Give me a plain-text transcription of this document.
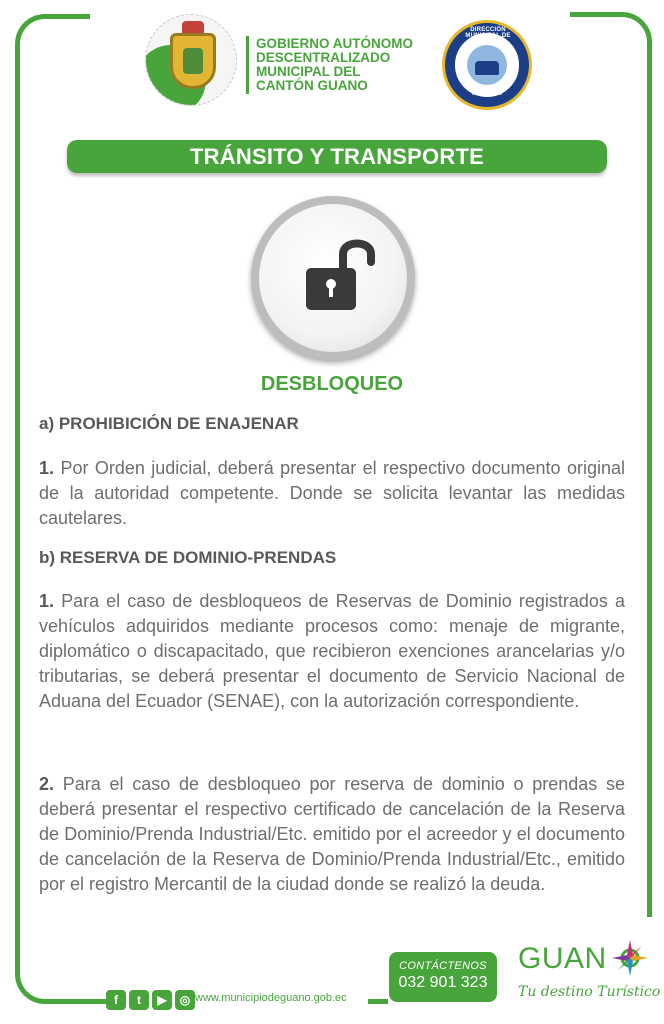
GOBIERNO AUTÓNOMO
DESCENTRALIZADO
MUNICIPAL DEL
CANTÓN GUANO
DIRECCIÓN MUNICIPAL DE TRÁNSITO
GAD GUANO
TRÁNSITO Y TRANSPORTE
DESBLOQUEO
a) PROHIBICIÓN DE ENAJENAR

1. Por Orden judicial, deberá presentar el respectivo documento original de la autoridad competente. Donde se solicita levantar las medidas cautelares.

b) RESERVA DE DOMINIO-PRENDAS

1. Para el caso de desbloqueos de Reservas de Dominio registrados a vehículos adquiridos mediante procesos como: menaje de migrante, diplomático o discapacitado, que recibieron exenciones arancelarias y/o tributarias, se deberá presentar el documento de Servicio Nacional de Aduana del Ecuador (SENAE), con la autorización correspondiente.

2. Para el caso de desbloqueo por reserva de dominio o prendas se deberá presentar el respectivo certificado de cancelación de la Reserva de Dominio/Prenda Industrial/Etc. emitido por el acreedor y el documento de cancelación de la Reserva de Dominio/Prenda Industrial/Etc., emitido por el registro Mercantil de la ciudad donde se realizó la deuda.

f	t	▶	◎ www.municipiodeguano.gob.ec
CONTÁCTENOS
032 901 323
GUAN
Tu destino Turístico
